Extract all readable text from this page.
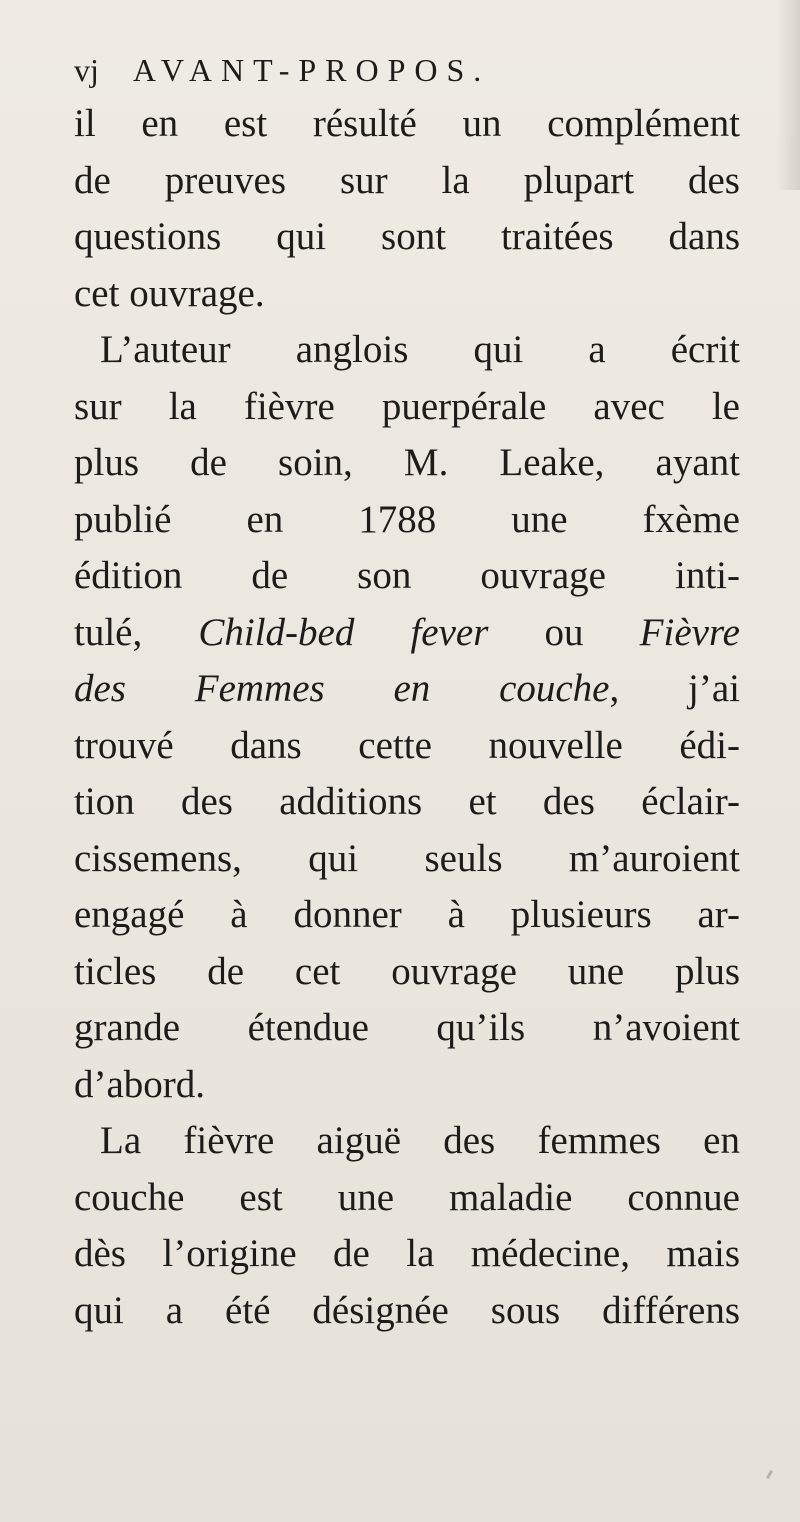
vj AVANT-PROPOS.
il en est résulté un complément
de preuves sur la plupart des
questions qui sont traitées dans
cet ouvrage.
L’auteur anglois qui a écrit
sur la fièvre puerpérale avec le
plus de soin, M. Leake, ayant
publié en 1788 une fxème
édition de son ouvrage inti-
tulé, Child-bed fever ou Fièvre
des Femmes en couche, j’ai
trouvé dans cette nouvelle édi-
tion des additions et des éclair-
cissemens, qui seuls m’auroient
engagé à donner à plusieurs ar-
ticles de cet ouvrage une plus
grande étendue qu’ils n’avoient
d’abord.
La fièvre aiguë des femmes en
couche est une maladie connue
dès l’origine de la médecine, mais
qui a été désignée sous différens
